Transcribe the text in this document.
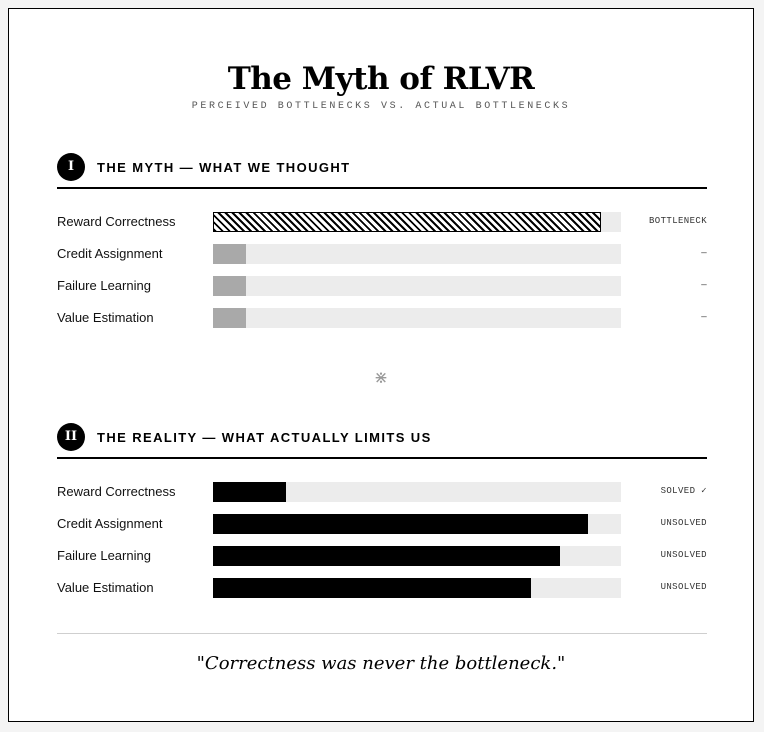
The Myth of RLVR
PERCEIVED BOTTLENECKS VS. ACTUAL BOTTLENECKS
I	THE MYTH — WHAT WE THOUGHT
Reward Correctness	BOTTLENECK
Credit Assignment	—
Failure Learning	—
Value Estimation	—
⋇
II	THE REALITY — WHAT ACTUALLY LIMITS US
Reward Correctness	SOLVED ✓
Credit Assignment	UNSOLVED
Failure Learning	UNSOLVED
Value Estimation	UNSOLVED
"Correctness was never the bottleneck."
